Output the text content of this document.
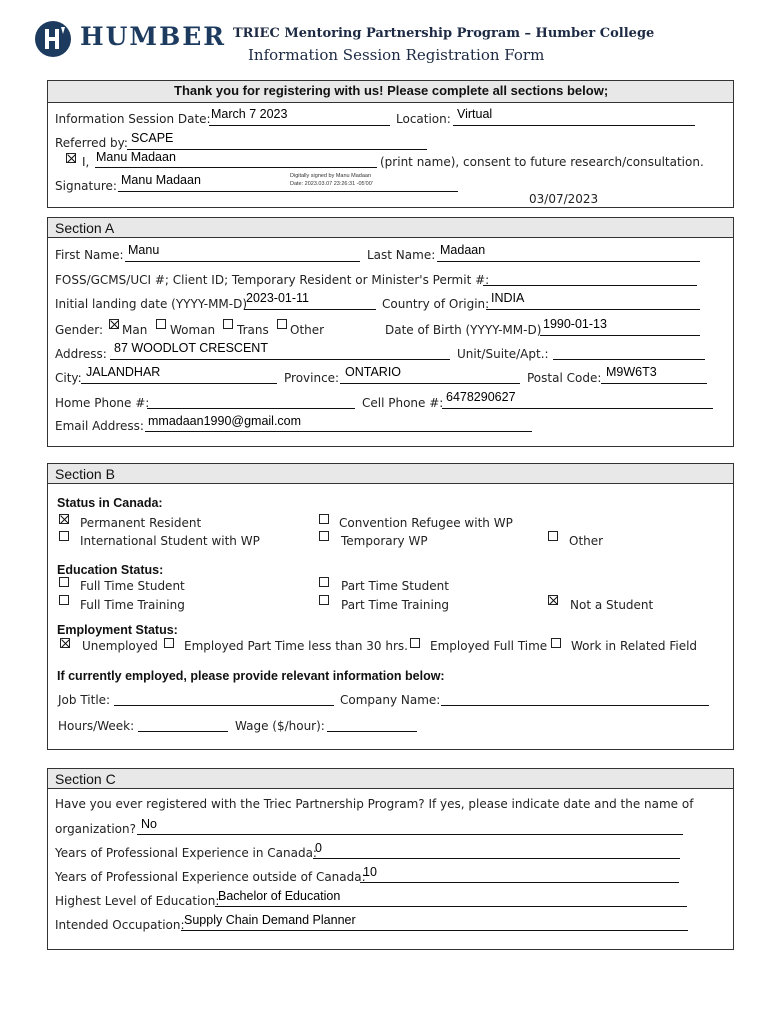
HUMBER TRIEC Mentoring Partnership Program – Humber College
Information Session Registration Form
Thank you for registering with us! Please complete all sections below;
Information Session Date: March 7 2023	Location: Virtual
Referred by: SCAPE
I, Manu Madaan	(print name), consent to future research/consultation.
Signature: Manu Madaan	Digitally signed by Manu Madaan
Date: 2023.03.07 23:26:31 -05'00'
03/07/2023
Section A
First Name: Manu	Last Name: Madaan
FOSS/GCMS/UCI #; Client ID; Temporary Resident or Minister's Permit #:
Initial landing date (YYYY-MM-D)
2023-01-11	Country of Origin: INDIA
Gender: Man Woman Trans Other	Date of Birth (YYYY-MM-D) 1990-01-13
Address: 87 WOODLOT CRESCENT	Unit/Suite/Apt.:
City: JALANDHAR	Province: ONTARIO	Postal Code: M9W6T3
Home Phone #:	Cell Phone #: 6478290627
Email Address: mmadaan1990@gmail.com
Section B
Status in Canada:
Permanent Resident	Convention Refugee with WP
International Student with WP	Temporary WP	Other
Education Status:
Full Time Student	Part Time Student
Full Time Training	Part Time Training	Not a Student
Employment Status:
Unemployed Employed Part Time less than 30 hrs. Employed Full Time Work in Related Field
If currently employed, please provide relevant information below:
Job Title:	Company Name:
Hours/Week:	Wage ($/hour):
Section C
Have you ever registered with the Triec Partnership Program? If yes, please indicate date and the name of
organization? No
Years of Professional Experience in Canada:
0
Years of Professional Experience outside of Canada:
10
Highest Level of Education:
Bachelor of Education
Intended Occupation: Supply Chain Demand Planner
